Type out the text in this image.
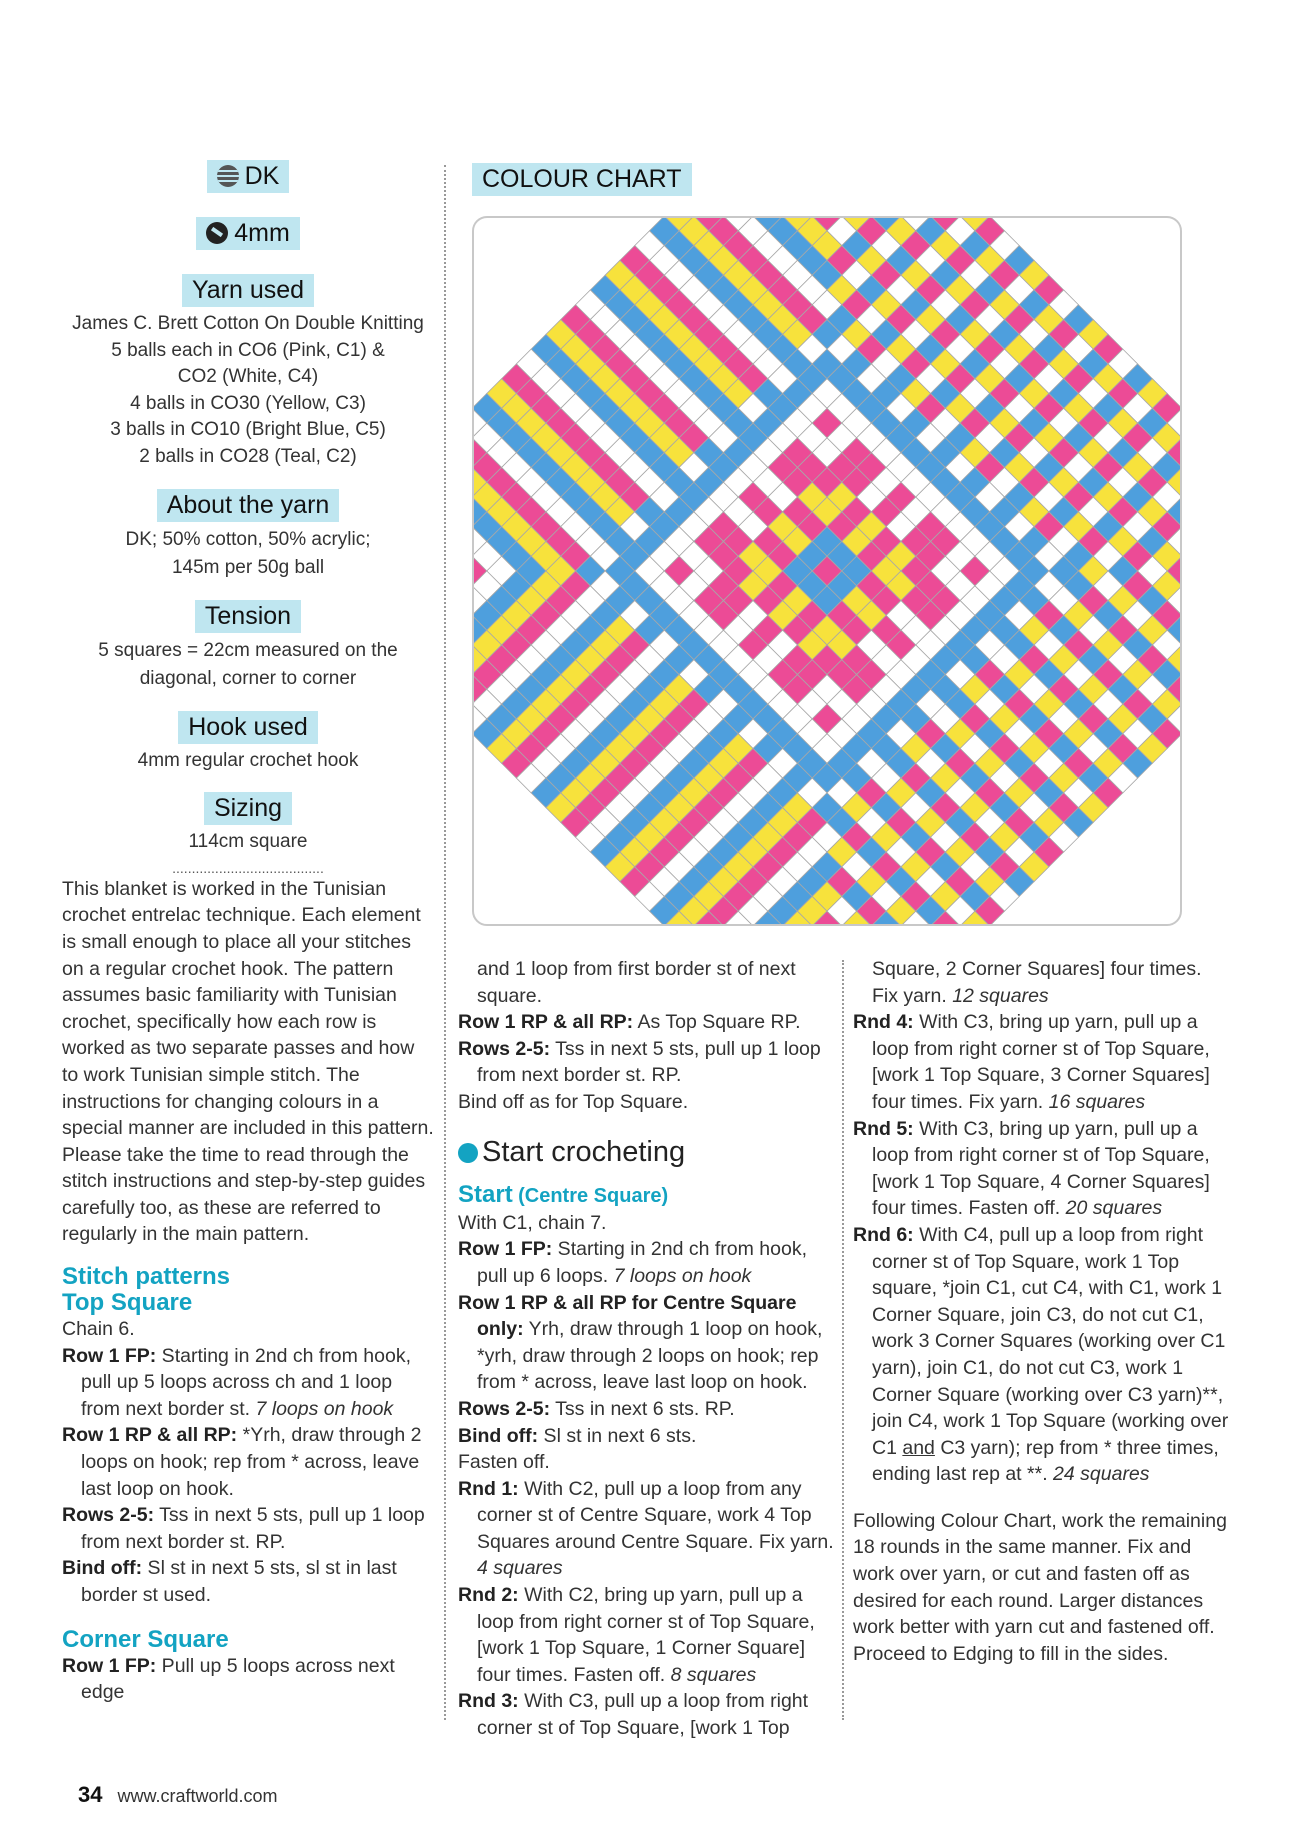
DK
4mm
Yarn used

James C. Brett Cotton On Double Knitting

5 balls each in CO6 (Pink, C1) &

CO2 (White, C4)

4 balls in CO30 (Yellow, C3)

3 balls in CO10 (Bright Blue, C5)

2 balls in CO28 (Teal, C2)

About the yarn

DK; 50% cotton, 50% acrylic;

145m per 50g ball

Tension

5 squares = 22cm measured on the

diagonal, corner to corner

Hook used

4mm regular crochet hook

Sizing

114cm square

.......................................

This blanket is worked in the Tunisian crochet entrelac technique. Each element is small enough to place all your stitches on a regular crochet hook. The pattern assumes basic familiarity with Tunisian crochet, specifically how each row is worked as two separate passes and how to work Tunisian simple stitch. The instructions for changing colours in a special manner are included in this pattern. Please take the time to read through the stitch instructions and step-by-step guides carefully too, as these are referred to regularly in the main pattern.

Stitch patterns
Top Square

Chain 6.

Row 1 FP: Starting in 2nd ch from hook, pull up 5 loops across ch and 1 loop from next border st. 7 loops on hook

Row 1 RP & all RP: *Yrh, draw through 2 loops on hook; rep from * across, leave last loop on hook.

Rows 2-5: Tss in next 5 sts, pull up 1 loop from next border st. RP.

Bind off: Sl st in next 5 sts, sl st in last border st used.

Corner Square

Row 1 FP: Pull up 5 loops across next edge

COLOUR CHART

and 1 loop from first border st of next square.

Row 1 RP & all RP: As Top Square RP.

Rows 2-5: Tss in next 5 sts, pull up 1 loop from next border st. RP.

Bind off as for Top Square.

Start crocheting
Start (Centre Square)

With C1, chain 7.

Row 1 FP: Starting in 2nd ch from hook, pull up 6 loops. 7 loops on hook

Row 1 RP & all RP for Centre Square only: Yrh, draw through 1 loop on hook, *yrh, draw through 2 loops on hook; rep from * across, leave last loop on hook.

Rows 2-5: Tss in next 6 sts. RP.

Bind off: Sl st in next 6 sts.

Fasten off.

Rnd 1: With C2, pull up a loop from any corner st of Centre Square, work 4 Top Squares around Centre Square. Fix yarn. 4 squares

Rnd 2: With C2, bring up yarn, pull up a loop from right corner st of Top Square, [work 1 Top Square, 1 Corner Square] four times. Fasten off. 8 squares

Rnd 3: With C3, pull up a loop from right corner st of Top Square, [work 1 Top

Square, 2 Corner Squares] four times.
Fix yarn. 12 squares

Rnd 4: With C3, bring up yarn, pull up a loop from right corner st of Top Square, [work 1 Top Square, 3 Corner Squares] four times. Fix yarn. 16 squares

Rnd 5: With C3, bring up yarn, pull up a loop from right corner st of Top Square, [work 1 Top Square, 4 Corner Squares] four times. Fasten off. 20 squares

Rnd 6: With C4, pull up a loop from right corner st of Top Square, work 1 Top square, *join C1, cut C4, with C1, work 1 Corner Square, join C3, do not cut C1, work 3 Corner Squares (working over C1 yarn), join C1, do not cut C3, work 1 Corner Square (working over C3 yarn)**, join C4, work 1 Top Square (working over C1 and C3 yarn); rep from * three times, ending last rep at **. 24 squares

Following Colour Chart, work the remaining 18 rounds in the same manner. Fix and work over yarn, or cut and fasten off as desired for each round. Larger distances work better with yarn cut and fastened off. Proceed to Edging to fill in the sides.

34 www.craftworld.com
